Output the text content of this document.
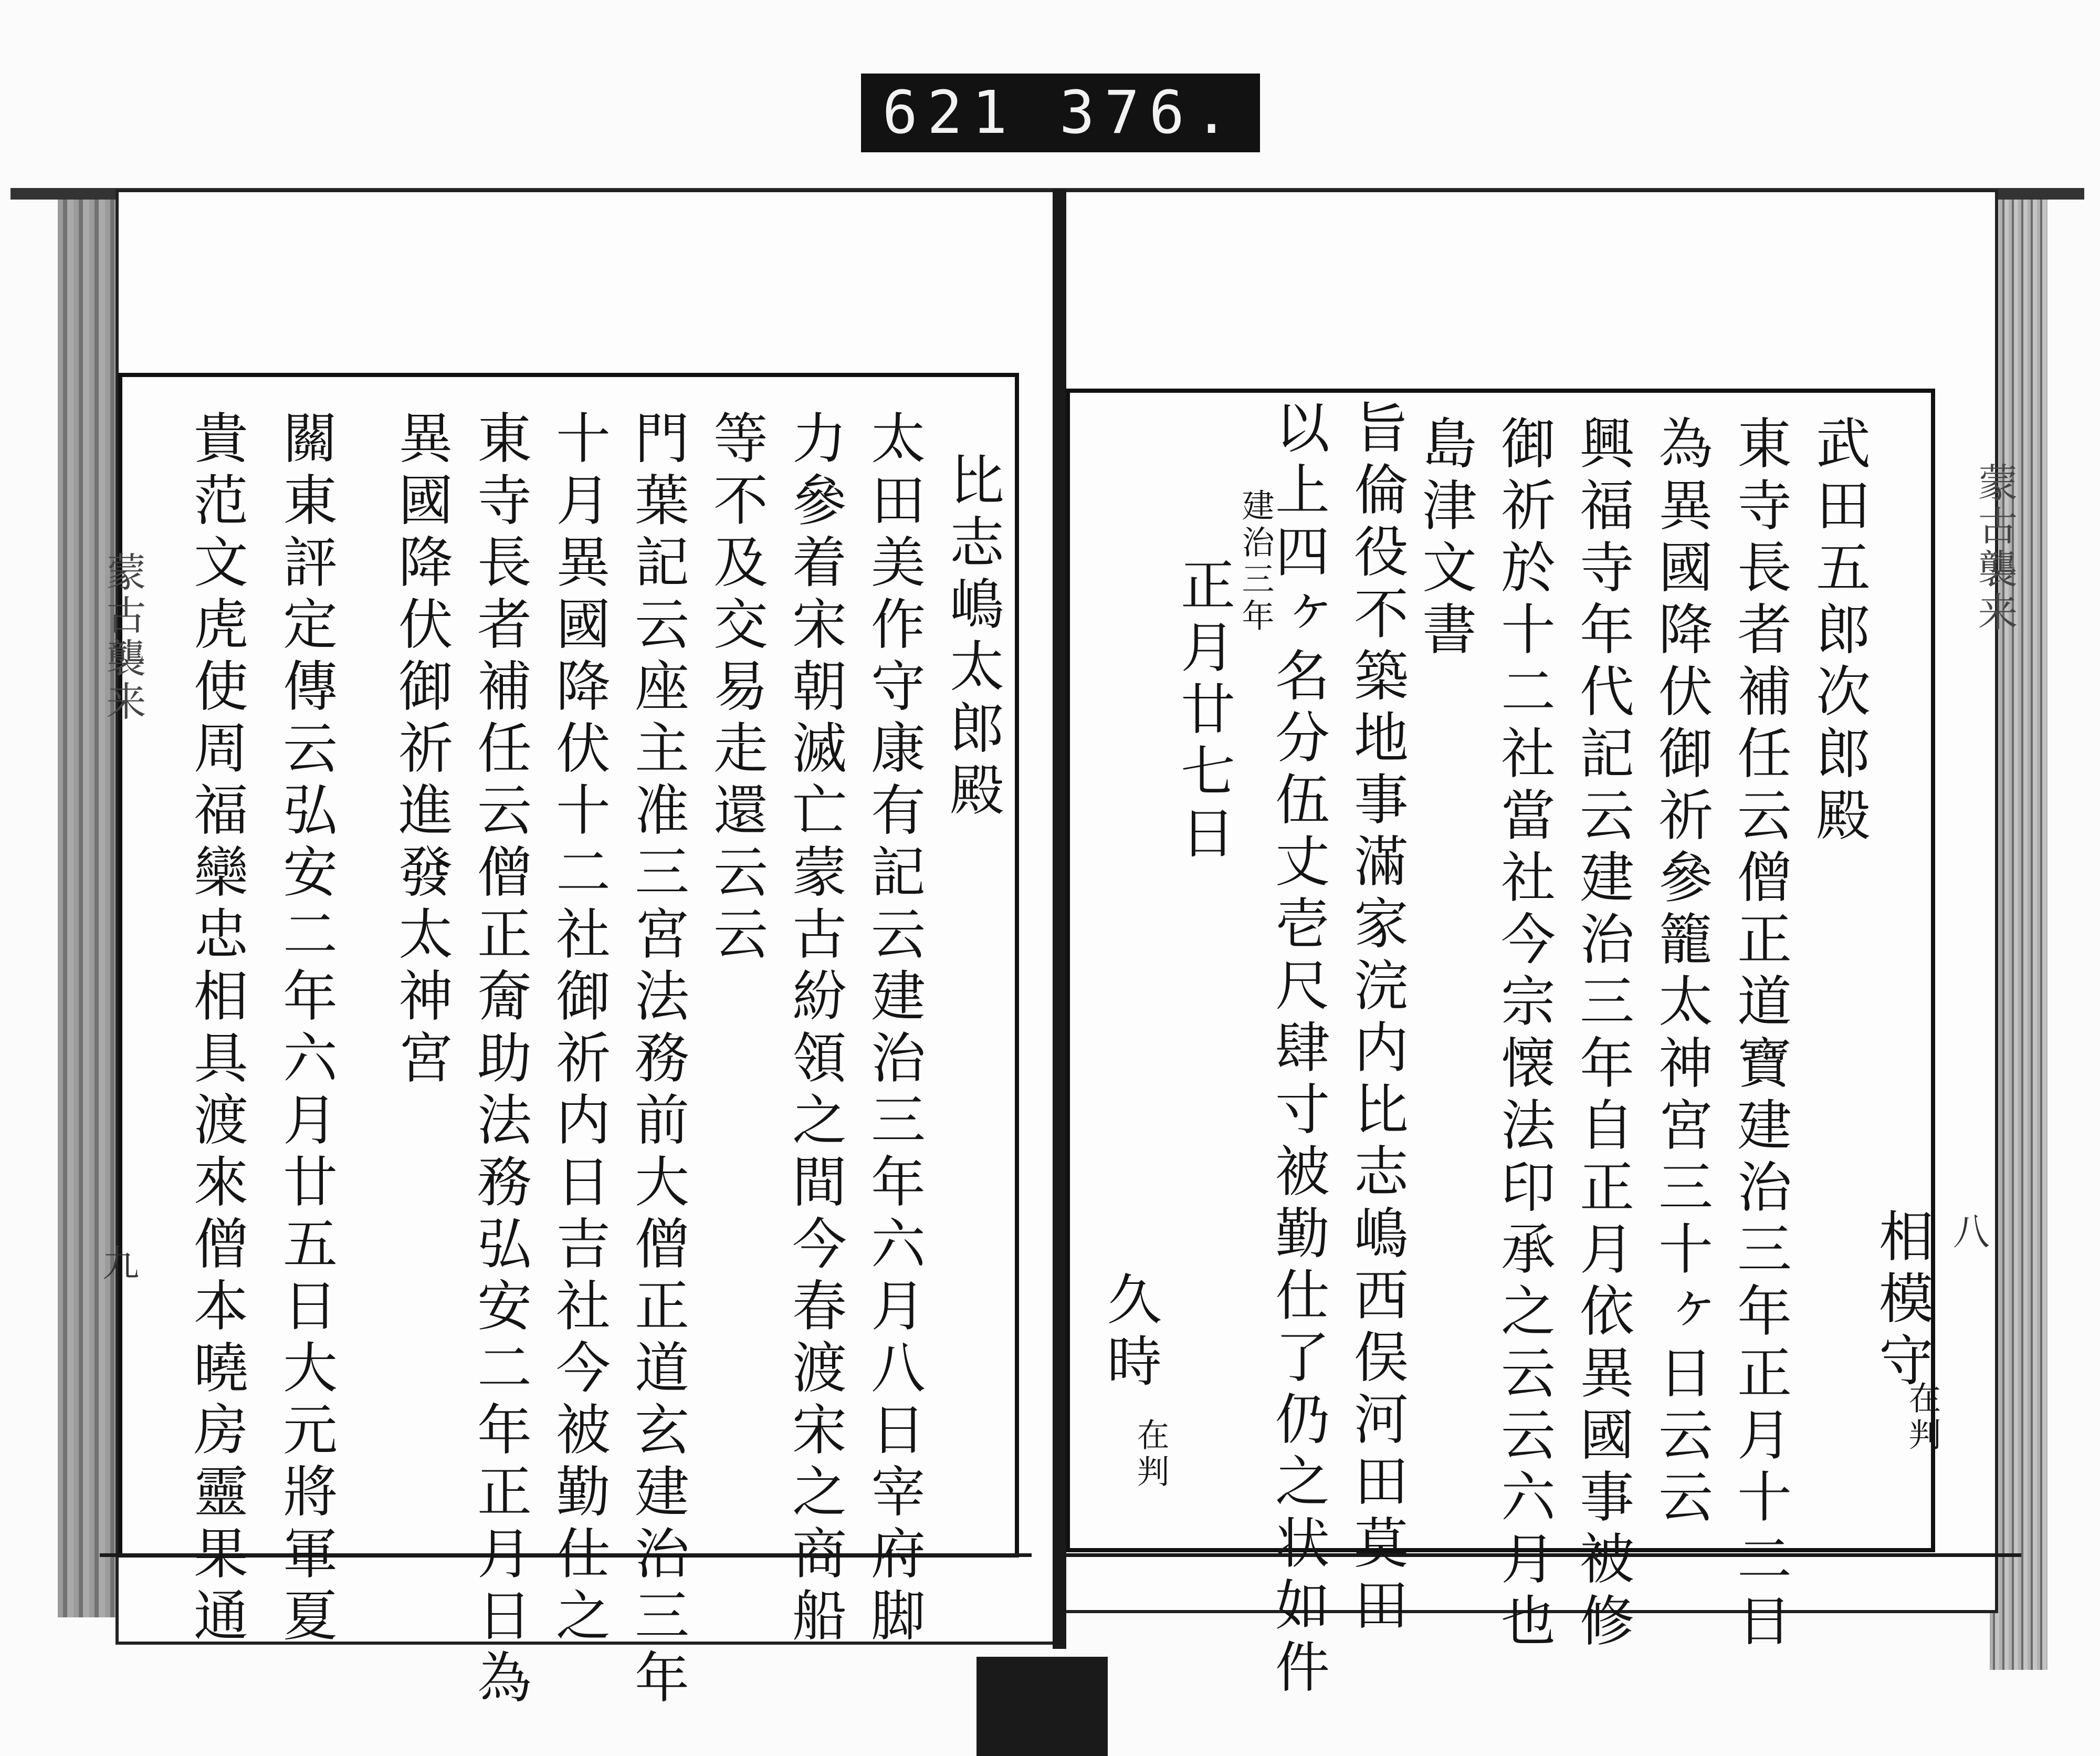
621 376.
蒙古襲来
八
武田五郎次郎殿
東寺長者補任云僧正道寶建治三年正月十二日
為異國降伏御祈參籠太神宮三十ヶ日云云
興福寺年代記云建治三年自正月依異國事被修
御祈於十二社當社今宗懐法印承之云云六月也
島津文書
旨倫役不築地事滿家浣内比志嶋西俣河田莫田
以上四ヶ名分伍丈壱尺肆寸被勤仕了仍之状如件
建治三年
正月廿七日
相模守
在判
久時
在判
蒙古襲来
九
比志嶋太郎殿
太田美作守康有記云建治三年六月八日宰府脚
力參着宋朝滅亡蒙古紛領之間今春渡宋之商船
等不及交易走還云云
門葉記云座主准三宮法務前大僧正道玄建治三年
十月異國降伏十二社御祈内日吉社今被勤仕之
東寺長者補任云僧正奝助法務弘安二年正月日為
異國降伏御祈進發太神宮
關東評定傳云弘安二年六月廿五日大元將軍夏
貴范文虎使周福欒忠相具渡來僧本曉房靈果通
